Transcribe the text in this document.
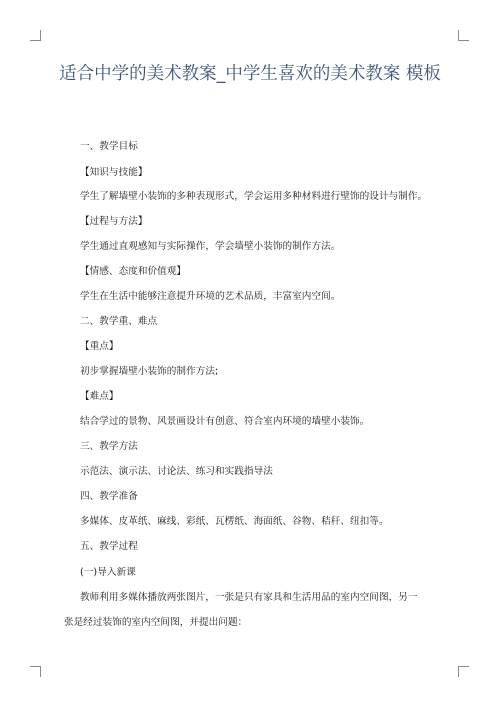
适合中学的美术教案_中学生喜欢的美术教案 模板

一、教学目标

【知识与技能】

学生了解墙壁小装饰的多种表现形式，学会运用多种材料进行壁饰的设计与制作。

【过程与方法】

学生通过直观感知与实际操作，学会墙壁小装饰的制作方法。

【情感、态度和价值观】

学生在生活中能够注意提升环境的艺术品质，丰富室内空间。

二、教学重、难点

【重点】

初步掌握墙壁小装饰的制作方法;

【难点】

结合学过的景物、风景画设计有创意、符合室内环境的墙壁小装饰。

三、教学方法

示范法、演示法、讨论法、练习和实践指导法

四、教学准备

多媒体、皮革纸、麻线、彩纸、瓦楞纸、海面纸、谷物、秸秆、纽扣等。

五、教学过程

(一)导入新课

教师利用多媒体播放两张图片，一张是只有家具和生活用品的室内空间图，另一

张是经过装饰的室内空间图，并提出问题：
